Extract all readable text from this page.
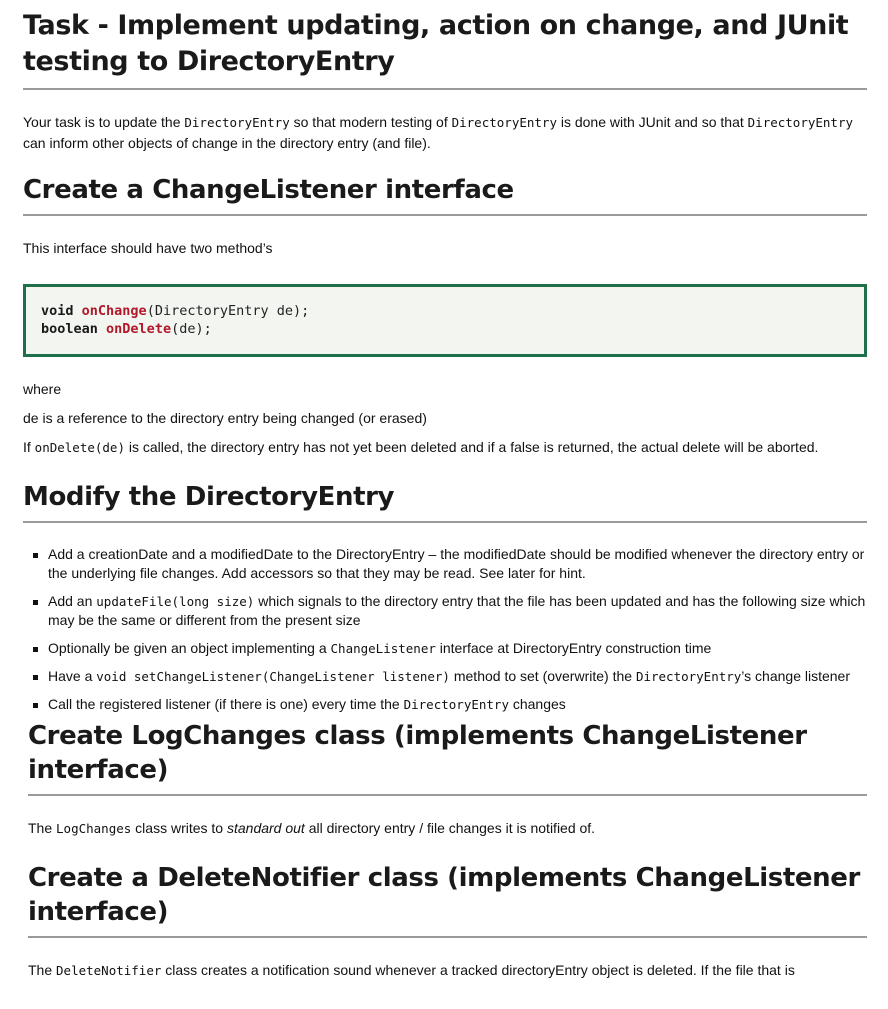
Task - Implement updating, action on change, and JUnit testing to DirectoryEntry

Your task is to update the DirectoryEntry so that modern testing of DirectoryEntry is done with JUnit and so that DirectoryEntry can inform other objects of change in the directory entry (and file).

Create a ChangeListener interface

This interface should have two method’s

void onChange(DirectoryEntry de);
boolean onDelete(de);

where

de is a reference to the directory entry being changed (or erased)

If onDelete(de) is called, the directory entry has not yet been deleted and if a false is returned, the actual delete will be aborted.

Modify the DirectoryEntry
Add a creationDate and a modifiedDate to the DirectoryEntry – the modifiedDate should be modified whenever the directory entry or the underlying file changes. Add accessors so that they may be read. See later for hint.
Add an updateFile(long size) which signals to the directory entry that the file has been updated and has the following size which may be the same or different from the present size
Optionally be given an object implementing a ChangeListener interface at DirectoryEntry construction time
Have a void setChangeListener(ChangeListener listener) method to set (overwrite) the DirectoryEntry’s change listener
Call the registered listener (if there is one) every time the DirectoryEntry changes
Create LogChanges class (implements ChangeListener interface)

The LogChanges class writes to standard out all directory entry / file changes it is notified of.

Create a DeleteNotifier class (implements ChangeListener interface)

The DeleteNotifier class creates a notification sound whenever a tracked directoryEntry object is deleted. If the file that is
